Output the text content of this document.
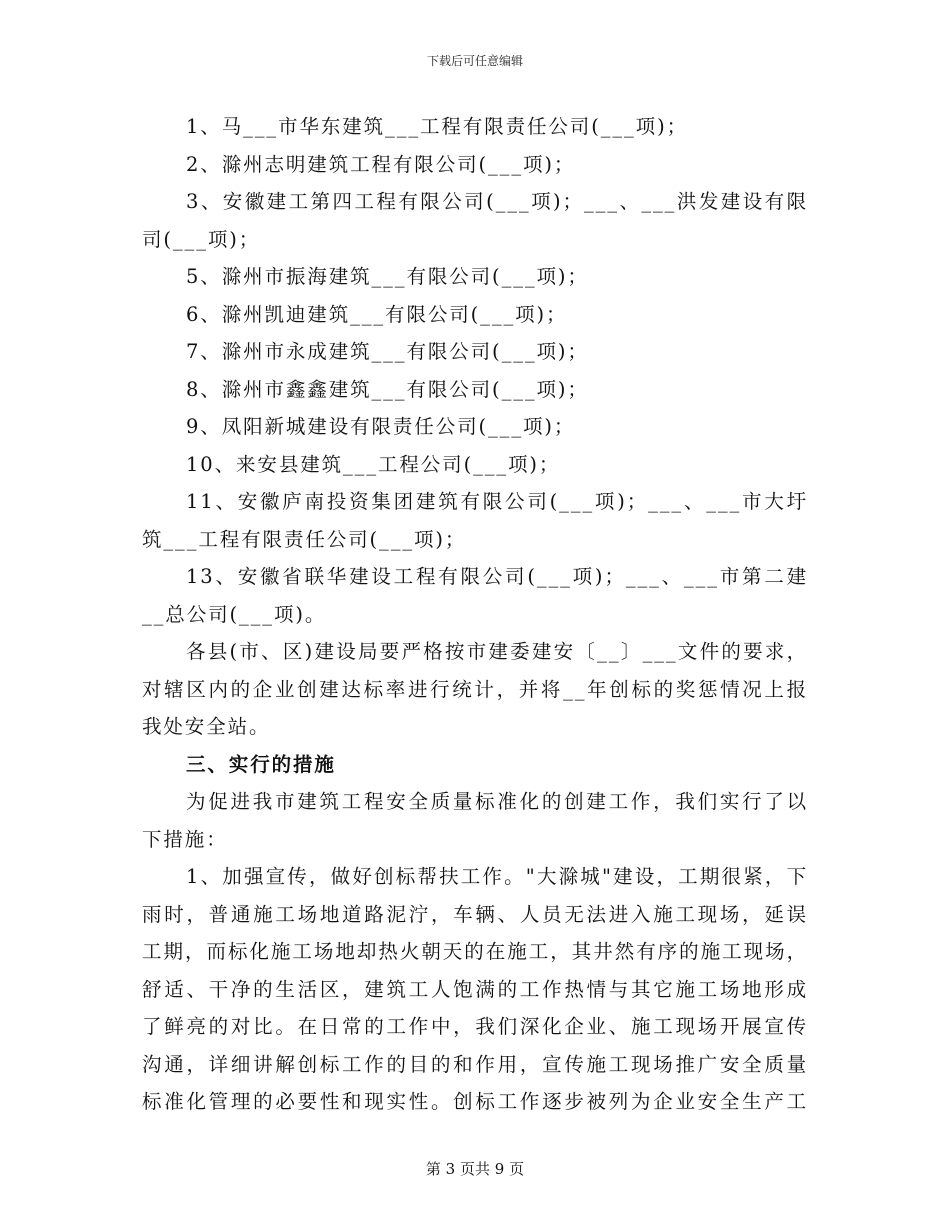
下载后可任意编辑
1、马___市华东建筑___工程有限责任公司(___项)；
2、滁州志明建筑工程有限公司(___项)；
3、安徽建工第四工程有限公司(___项)；___、___洪发建设有限
司(___项)；
5、滁州市振海建筑___有限公司(___项)；
6、滁州凯迪建筑___有限公司(___项)；
7、滁州市永成建筑___有限公司(___项)；
8、滁州市鑫鑫建筑___有限公司(___项)；
9、凤阳新城建设有限责任公司(___项)；
10、来安县建筑___工程公司(___项)；
11、安徽庐南投资集团建筑有限公司(___项)；___、___市大圩
筑___工程有限责任公司(___项)；
13、安徽省联华建设工程有限公司(___项)；___、___市第二建
__总公司(___项)。
各县(市、区)建设局要严格按市建委建安〔__〕___文件的要求，
对辖区内的企业创建达标率进行统计，并将__年创标的奖惩情况上报
我处安全站。
三、实行的措施
为促进我市建筑工程安全质量标准化的创建工作，我们实行了以
下措施：
1、加强宣传，做好创标帮扶工作。"大滁城"建设，工期很紧，下
雨时，普通施工场地道路泥泞，车辆、人员无法进入施工现场，延误
工期，而标化施工场地却热火朝天的在施工，其井然有序的施工现场，
舒适、干净的生活区，建筑工人饱满的工作热情与其它施工场地形成
了鲜亮的对比。在日常的工作中，我们深化企业、施工现场开展宣传
沟通，详细讲解创标工作的目的和作用，宣传施工现场推广安全质量
标准化管理的必要性和现实性。创标工作逐步被列为企业安全生产工
第 3 页共 9 页
